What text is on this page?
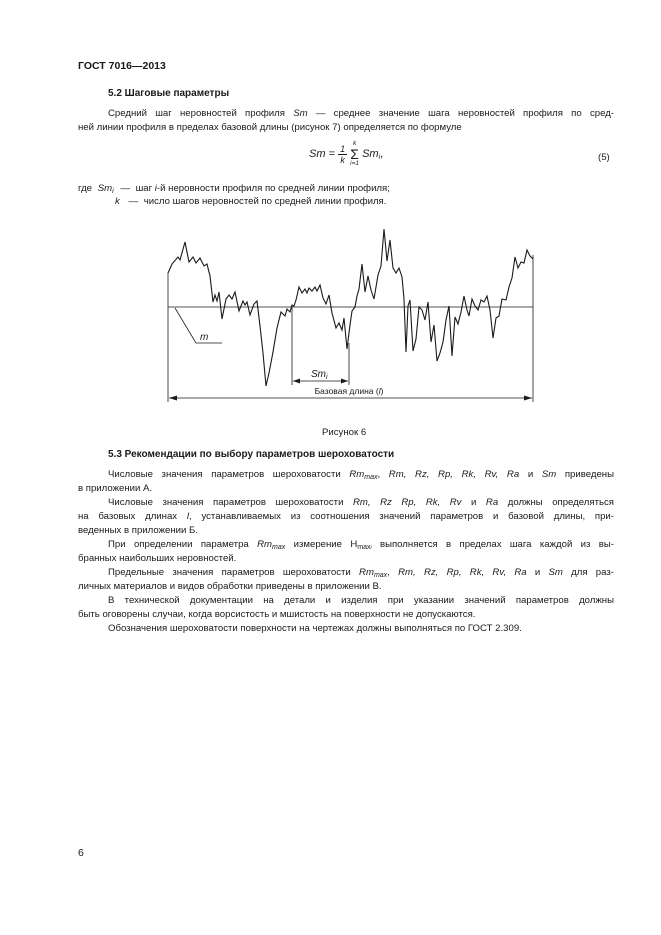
ГОСТ 7016—2013
5.2 Шаговые параметры
Средний шаг неровностей профиля Sm — среднее значение шага неровностей профиля по сред-
ней линии профиля в пределах базовой длины (рисунок 7) определяется по формуле
$Sm = \frac{1}{k}$
k
Σ
i=1
$Sm_i$,	(5)
где $Sm_i$ — шаг i-й неровности профиля по средней линии профиля;
k — число шагов неровностей по средней линии профиля.
m
$Sm_i$
Базовая длина (l)
Рисунок 6
5.3 Рекомендации по выбору параметров шероховатости
Числовые значения параметров шероховатости $Rm_{max}$, Rm, Rz, Rp, Rk, Rv, Ra и Sm приведены
в приложении А.
Числовые значения параметров шероховатости Rm, Rz Rp, Rk, Rv и Ra должны определяться
на базовых длинах l, устанавливаемых из соотношения значений параметров и базовой длины, при-
веденных в приложении Б.
При определении параметра $Rm_{max}$ измерение $H_{maxi}$ выполняется в пределах шага каждой из вы-
бранных наибольших неровностей.
Предельные значения параметров шероховатости $Rm_{max}$, Rm, Rz, Rp, Rk, Rv, Ra и Sm для раз-
личных материалов и видов обработки приведены в приложении В.
В технической документации на детали и изделия при указании значений параметров должны
быть оговорены случаи, когда ворсистость и мшистость на поверхности не допускаются.
Обозначения шероховатости поверхности на чертежах должны выполняться по ГОСТ 2.309.
6
